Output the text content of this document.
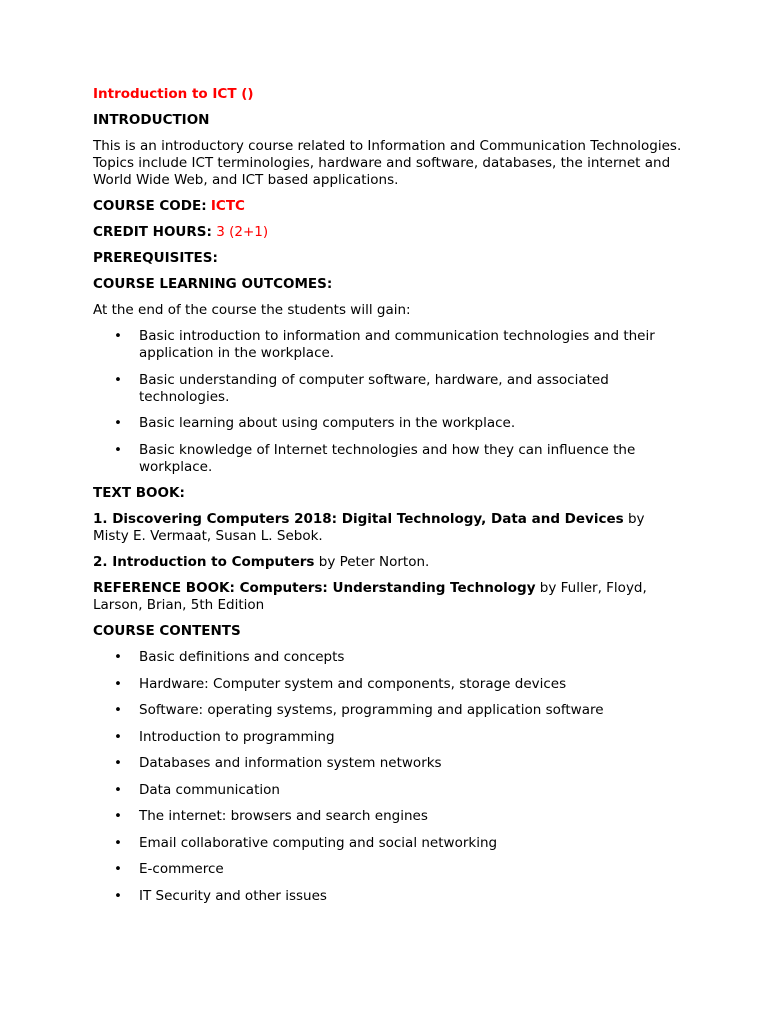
Introduction to ICT ()

INTRODUCTION

This is an introductory course related to Information and Communication Technologies. Topics include ICT terminologies, hardware and software, databases, the internet and World Wide Web, and ICT based applications.

COURSE CODE: ICTC

CREDIT HOURS: 3 (2+1)

PREREQUISITES:

COURSE LEARNING OUTCOMES:

At the end of the course the students will gain:

• Basic introduction to information and communication technologies and their application in the workplace.
• Basic understanding of computer software, hardware, and associated technologies.
• Basic learning about using computers in the workplace.
• Basic knowledge of Internet technologies and how they can influence the workplace.

TEXT BOOK:

1. Discovering Computers 2018: Digital Technology, Data and Devices by Misty E. Vermaat, Susan L. Sebok.

2. Introduction to Computers by Peter Norton.

REFERENCE BOOK: Computers: Understanding Technology by Fuller, Floyd, Larson, Brian, 5th Edition

COURSE CONTENTS

• Basic definitions and concepts
• Hardware: Computer system and components, storage devices
• Software: operating systems, programming and application software
• Introduction to programming
• Databases and information system networks
• Data communication
• The internet: browsers and search engines
• Email collaborative computing and social networking
• E-commerce
• IT Security and other issues
